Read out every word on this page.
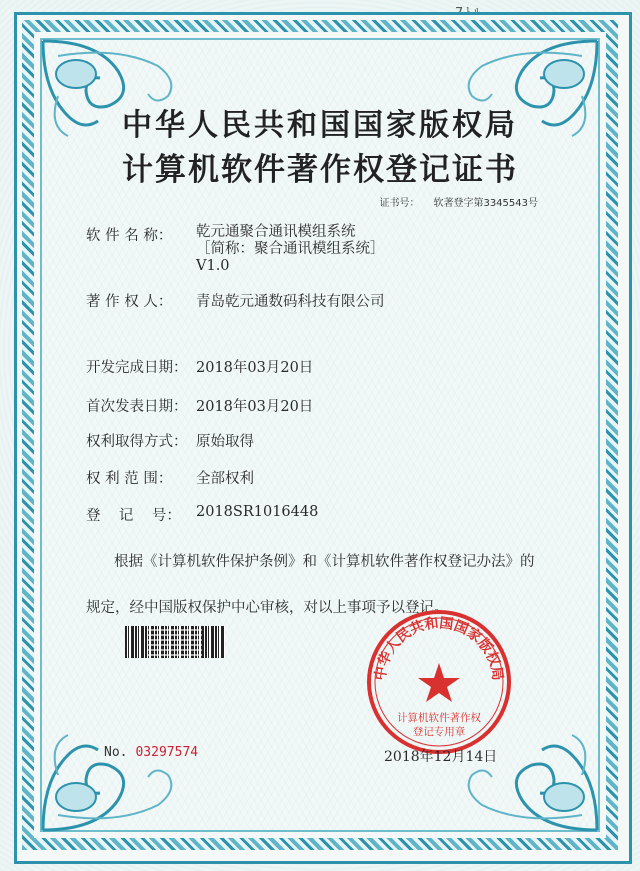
中华人民共和国国家版权局
计算机软件著作权登记证书
证书号： 软著登字第3345543号
软 件 名 称： 乾元通聚合通讯模组系统
［简称：聚合通讯模组系统］
V1.0
著 作 权 人： 青岛乾元通数码科技有限公司
开发完成日期： 2018年03月20日
首次发表日期： 2018年03月20日
权利取得方式： 原始取得
权 利 范 围： 全部权利
登    记    号： 2018SR1016448
根据《计算机软件保护条例》和《计算机软件著作权登记办法》的
规定，经中国版权保护中心审核，对以上事项予以登记。
中华人民共和国国家版权局
计算机软件著作权
登记专用章
No. 03297574	2018年12月14日
